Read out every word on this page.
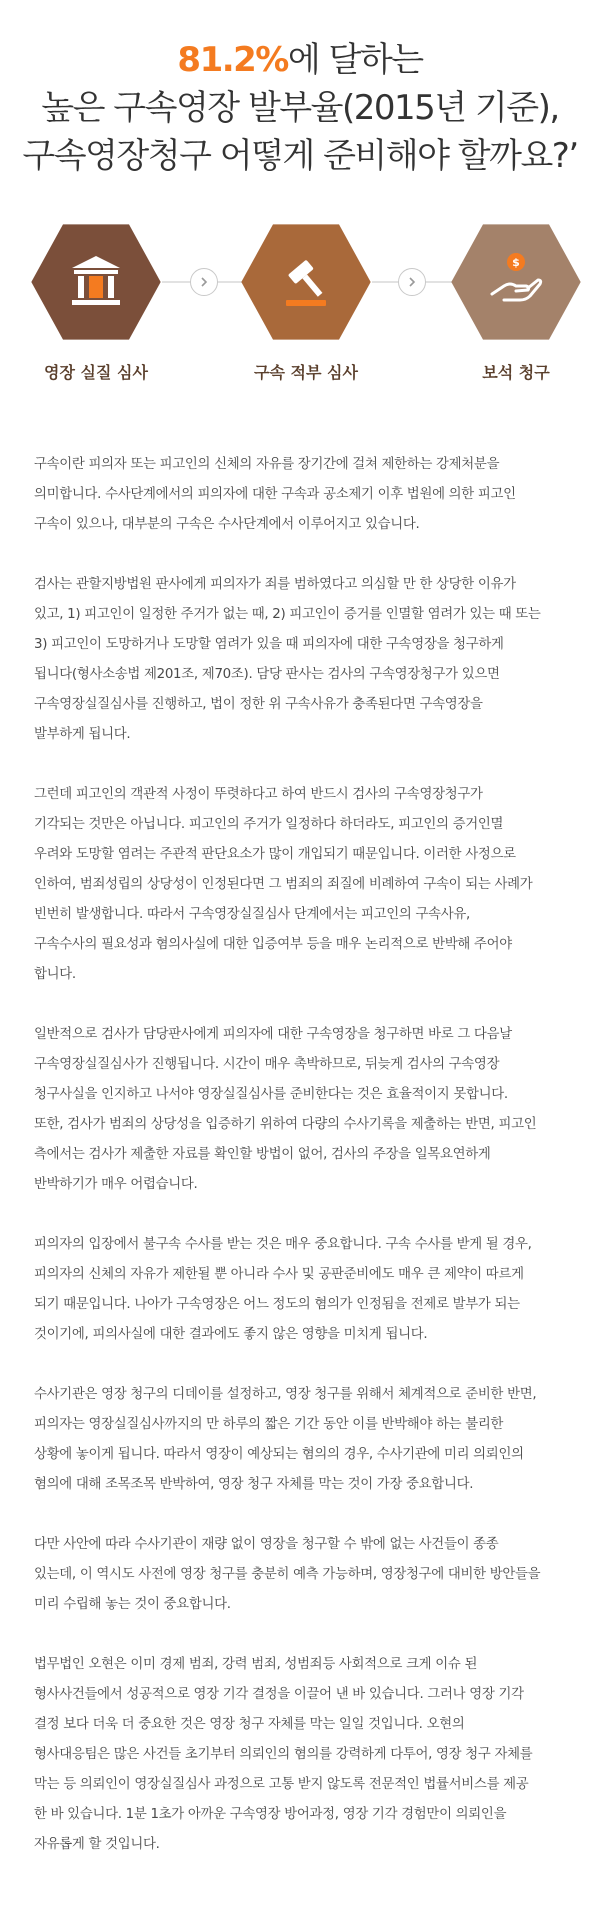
81.2%에 달하는
높은 구속영장 발부율(2015년 기준),
구속영장청구 어떻게 준비해야 할까요?’
$
영장 실질 심사	구속 적부 심사	보석 청구

구속이란 피의자 또는 피고인의 신체의 자유를 장기간에 걸쳐 제한하는 강제처분을
의미합니다. 수사단계에서의 피의자에 대한 구속과 공소제기 이후 법원에 의한 피고인
구속이 있으나, 대부분의 구속은 수사단계에서 이루어지고 있습니다.

검사는 관할지방법원 판사에게 피의자가 죄를 범하였다고 의심할 만 한 상당한 이유가
있고, 1) 피고인이 일정한 주거가 없는 때, 2) 피고인이 증거를 인멸할 염려가 있는 때 또는
3) 피고인이 도망하거나 도망할 염려가 있을 때 피의자에 대한 구속영장을 청구하게
됩니다(형사소송법 제201조, 제70조). 담당 판사는 검사의 구속영장청구가 있으면
구속영장실질심사를 진행하고, 법이 정한 위 구속사유가 충족된다면 구속영장을
발부하게 됩니다.

그런데 피고인의 객관적 사정이 뚜렷하다고 하여 반드시 검사의 구속영장청구가
기각되는 것만은 아닙니다. 피고인의 주거가 일정하다 하더라도, 피고인의 증거인멸
우려와 도망할 염려는 주관적 판단요소가 많이 개입되기 때문입니다. 이러한 사정으로
인하여, 범죄성립의 상당성이 인정된다면 그 범죄의 죄질에 비례하여 구속이 되는 사례가
빈번히 발생합니다. 따라서 구속영장실질심사 단계에서는 피고인의 구속사유,
구속수사의 필요성과 혐의사실에 대한 입증여부 등을 매우 논리적으로 반박해 주어야
합니다.

일반적으로 검사가 담당판사에게 피의자에 대한 구속영장을 청구하면 바로 그 다음날
구속영장실질심사가 진행됩니다. 시간이 매우 촉박하므로, 뒤늦게 검사의 구속영장
청구사실을 인지하고 나서야 영장실질심사를 준비한다는 것은 효율적이지 못합니다.
또한, 검사가 범죄의 상당성을 입증하기 위하여 다량의 수사기록을 제출하는 반면, 피고인
측에서는 검사가 제출한 자료를 확인할 방법이 없어, 검사의 주장을 일목요연하게
반박하기가 매우 어렵습니다.

피의자의 입장에서 불구속 수사를 받는 것은 매우 중요합니다. 구속 수사를 받게 될 경우,
피의자의 신체의 자유가 제한될 뿐 아니라 수사 및 공판준비에도 매우 큰 제약이 따르게
되기 때문입니다. 나아가 구속영장은 어느 정도의 혐의가 인정됨을 전제로 발부가 되는
것이기에, 피의사실에 대한 결과에도 좋지 않은 영향을 미치게 됩니다.

수사기관은 영장 청구의 디데이를 설정하고, 영장 청구를 위해서 체계적으로 준비한 반면,
피의자는 영장실질심사까지의 만 하루의 짧은 기간 동안 이를 반박해야 하는 불리한
상황에 놓이게 됩니다. 따라서 영장이 예상되는 혐의의 경우, 수사기관에 미리 의뢰인의
혐의에 대해 조목조목 반박하여, 영장 청구 자체를 막는 것이 가장 중요합니다.

다만 사안에 따라 수사기관이 재량 없이 영장을 청구할 수 밖에 없는 사건들이 종종
있는데, 이 역시도 사전에 영장 청구를 충분히 예측 가능하며, 영장청구에 대비한 방안들을
미리 수립해 놓는 것이 중요합니다.

법무법인 오현은 이미 경제 범죄, 강력 범죄, 성범죄등 사회적으로 크게 이슈 된
형사사건들에서 성공적으로 영장 기각 결정을 이끌어 낸 바 있습니다. 그러나 영장 기각
결정 보다 더욱 더 중요한 것은 영장 청구 자체를 막는 일일 것입니다. 오현의
형사대응팀은 많은 사건들 초기부터 의뢰인의 혐의를 강력하게 다투어, 영장 청구 자체를
막는 등 의뢰인이 영장실질심사 과정으로 고통 받지 않도록 전문적인 법률서비스를 제공
한 바 있습니다. 1분 1초가 아까운 구속영장 방어과정, 영장 기각 경험만이 의뢰인을
자유롭게 할 것입니다.
